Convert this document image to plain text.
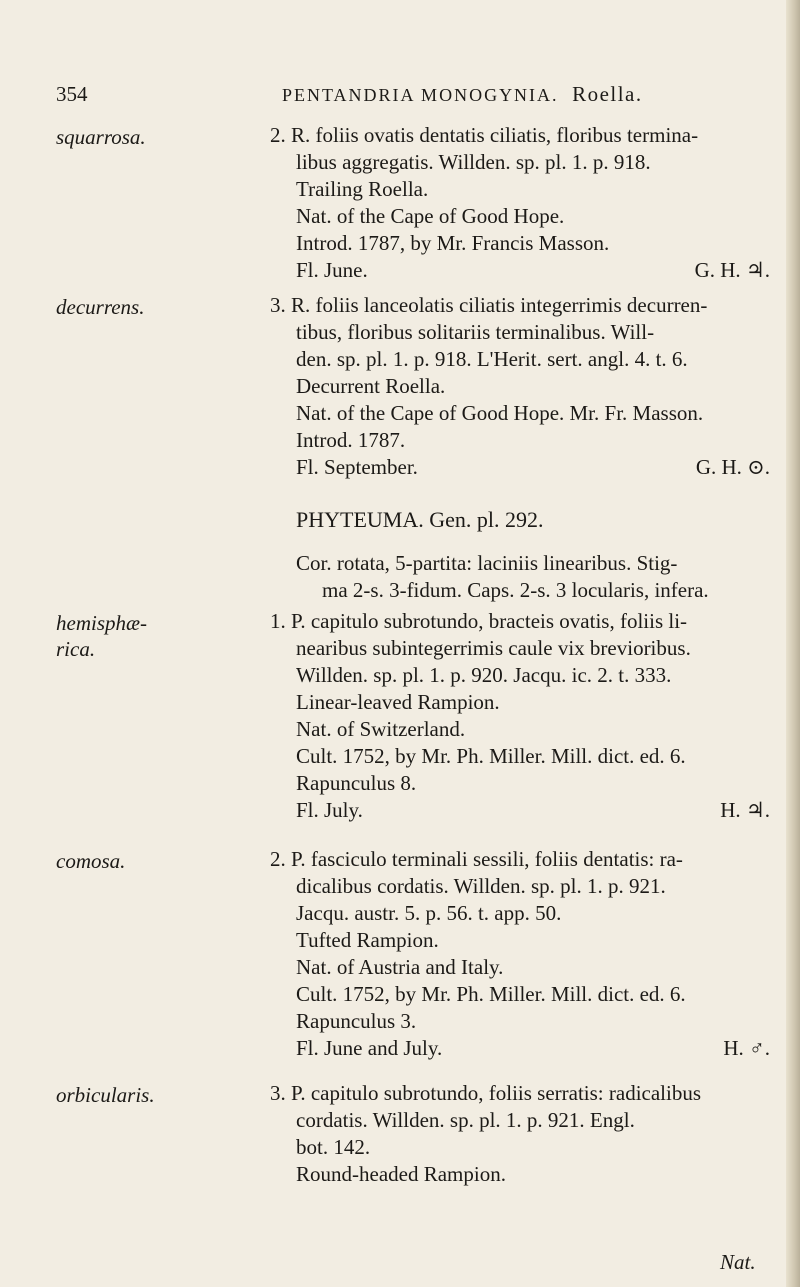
354	PENTANDRIA MONOGYNIA. Roella.
squarrosa.	2. R. foliis ovatis dentatis ciliatis, floribus termina-
libus aggregatis. Willden. sp. pl. 1. p. 918.
Trailing Roella.
Nat. of the Cape of Good Hope.
Introd. 1787, by Mr. Francis Masson.
Fl. June.	G. H. ♃.
decurrens.	3. R. foliis lanceolatis ciliatis integerrimis decurren-
tibus, floribus solitariis terminalibus. Will-
den. sp. pl. 1. p. 918. L'Herit. sert. angl. 4. t. 6.
Decurrent Roella.
Nat. of the Cape of Good Hope. Mr. Fr. Masson.
Introd. 1787.
Fl. September.	G. H. ⊙.
PHYTEUMA. Gen. pl. 292.
Cor. rotata, 5-partita: laciniis linearibus. Stig-
ma 2-s. 3-fidum. Caps. 2-s. 3 locularis, infera.
hemisphæ-
rica.
1. P. capitulo subrotundo, bracteis ovatis, foliis li-
nearibus subintegerrimis caule vix brevioribus.
Willden. sp. pl. 1. p. 920. Jacqu. ic. 2. t. 333.
Linear-leaved Rampion.
Nat. of Switzerland.
Cult. 1752, by Mr. Ph. Miller. Mill. dict. ed. 6.
Rapunculus 8.
Fl. July.	H. ♃.
comosa.	2. P. fasciculo terminali sessili, foliis dentatis: ra-
dicalibus cordatis. Willden. sp. pl. 1. p. 921.
Jacqu. austr. 5. p. 56. t. app. 50.
Tufted Rampion.
Nat. of Austria and Italy.
Cult. 1752, by Mr. Ph. Miller. Mill. dict. ed. 6.
Rapunculus 3.
Fl. June and July.	H. ♂.
orbicularis.	3. P. capitulo subrotundo, foliis serratis: radicalibus
cordatis. Willden. sp. pl. 1. p. 921. Engl.
bot. 142.
Round-headed Rampion.
Nat.
